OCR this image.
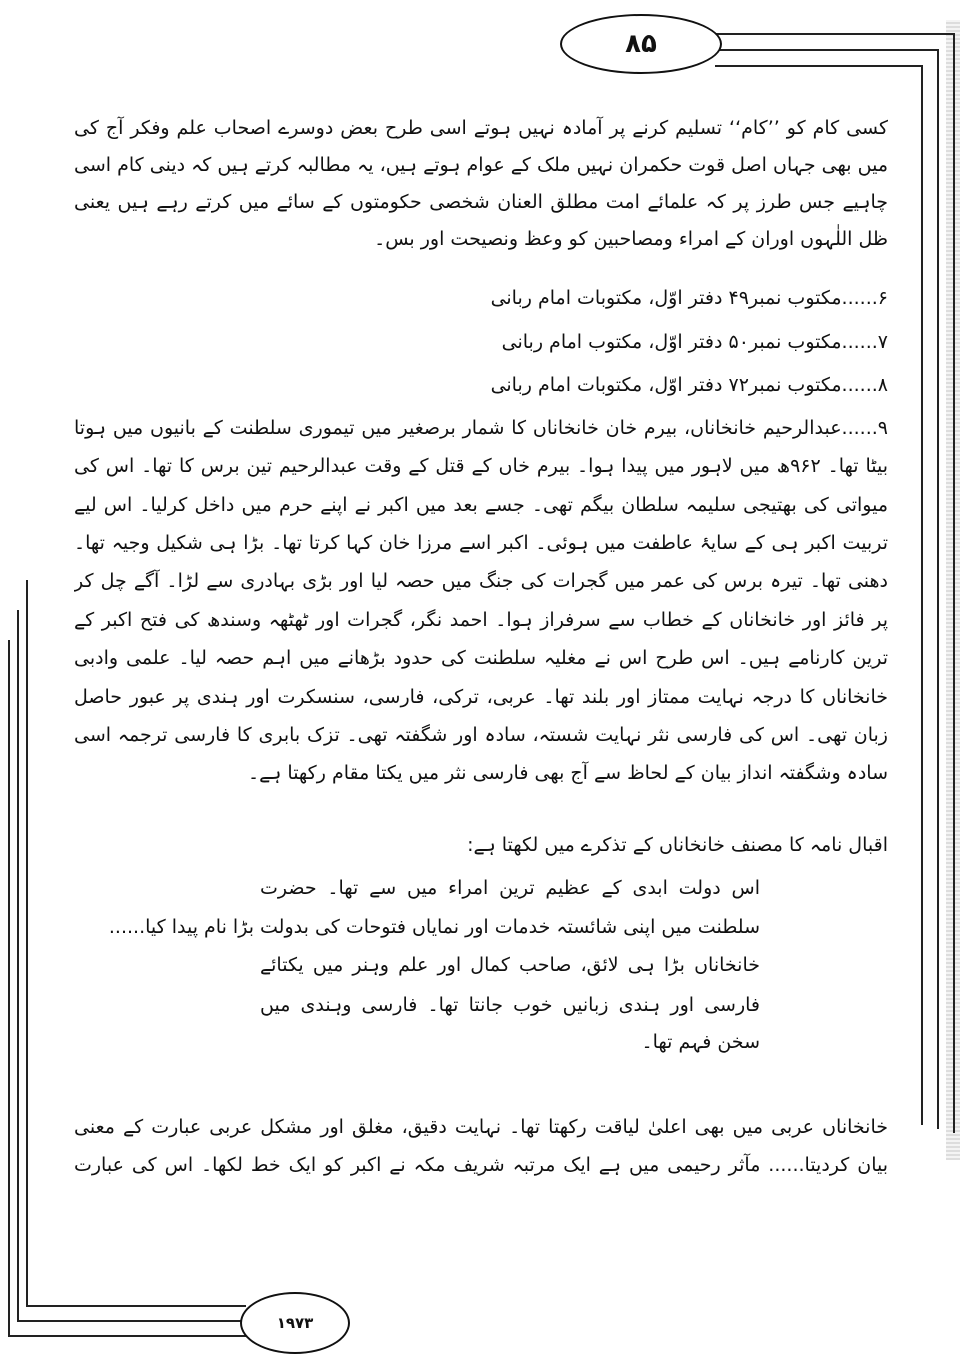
۸۵
۱۹۷۳
کسی کام کو ’’کام‘‘ تسلیم کرنے پر آمادہ نہیں ہوتے اسی طرح بعض دوسرے اصحاب علم وفکر آج کی
میں بھی جہاں اصل قوت حکمران نہیں ملک کے عوام ہوتے ہیں، یہ مطالبہ کرتے ہیں کہ دینی کام اسی
چاہیے جس طرز پر کہ علمائے امت مطلق العنان شخصی حکومتوں کے سائے میں کرتے رہے ہیں یعنی
ظل اللٰہوں اوران کے امراء ومصاحبین کو وعظ ونصیحت اور بس۔
۶......مکتوب نمبر۴۹ دفتر اوّل، مکتوبات امام ربانی
۷......مکتوب نمبر۵۰ دفتر اوّل، مکتوب امام ربانی
۸......مکتوب نمبر۷۲ دفتر اوّل، مکتوبات امام ربانی
۹......عبدالرحیم خانخاناں، بیرم خان خانخاناں کا شمار برصغیر میں تیموری سلطنت کے بانیوں میں ہوتا
بیٹا تھا۔ ۹۶۲ھ میں لاہور میں پیدا ہوا۔ بیرم خاں کے قتل کے وقت عبدالرحیم تین برس کا تھا۔ اس کی
میواتی کی بھتیجی سلیمہ سلطان بیگم تھی۔ جسے بعد میں اکبر نے اپنے حرم میں داخل کرلیا۔ اس لیے
تربیت اکبر ہی کے سایۂ عاطفت میں ہوئی۔ اکبر اسے مرزا خان کہا کرتا تھا۔ بڑا ہی شکیل وجیہ تھا۔
دھنی تھا۔ تیرہ برس کی عمر میں گجرات کی جنگ میں حصہ لیا اور بڑی بہادری سے لڑا۔ آگے چل کر
پر فائز اور خانخاناں کے خطاب سے سرفراز ہوا۔ احمد نگر، گجرات اور ٹھٹھہ وسندھ کی فتح اکبر کے
ترین کارنامے ہیں۔ اس طرح اس نے مغلیہ سلطنت کی حدود بڑھانے میں اہم حصہ لیا۔ علمی وادبی
خانخاناں کا درجہ نہایت ممتاز اور بلند تھا۔ عربی، ترکی، فارسی، سنسکرت اور ہندی پر عبور حاصل
زبان تھی۔ اس کی فارسی نثر نہایت شستہ، سادہ اور شگفتہ تھی۔ تزک بابری کا فارسی ترجمہ اسی
سادہ وشگفتہ انداز بیان کے لحاظ سے آج بھی فارسی نثر میں یکتا مقام رکھتا ہے۔
اقبال نامہ کا مصنف خانخاناں کے تذکرے میں لکھتا ہے:
اس دولت ابدی کے عظیم ترین امراء میں سے تھا۔ حضرت
سلطنت میں اپنی شائستہ خدمات اور نمایاں فتوحات کی بدولت بڑا نام پیدا کیا......
خانخاناں بڑا ہی لائق، صاحب کمال اور علم وہنر میں یکتائے
فارسی اور ہندی زبانیں خوب جانتا تھا۔ فارسی وہندی میں
سخن فہم تھا۔
خانخاناں عربی میں بھی اعلیٰ لیاقت رکھتا تھا۔ نہایت دقیق، مغلق اور مشکل عربی عبارت کے معنی
بیان کردیتا...... مآثر رحیمی میں ہے ایک مرتبہ شریف مکہ نے اکبر کو ایک خط لکھا۔ اس کی عبارت
